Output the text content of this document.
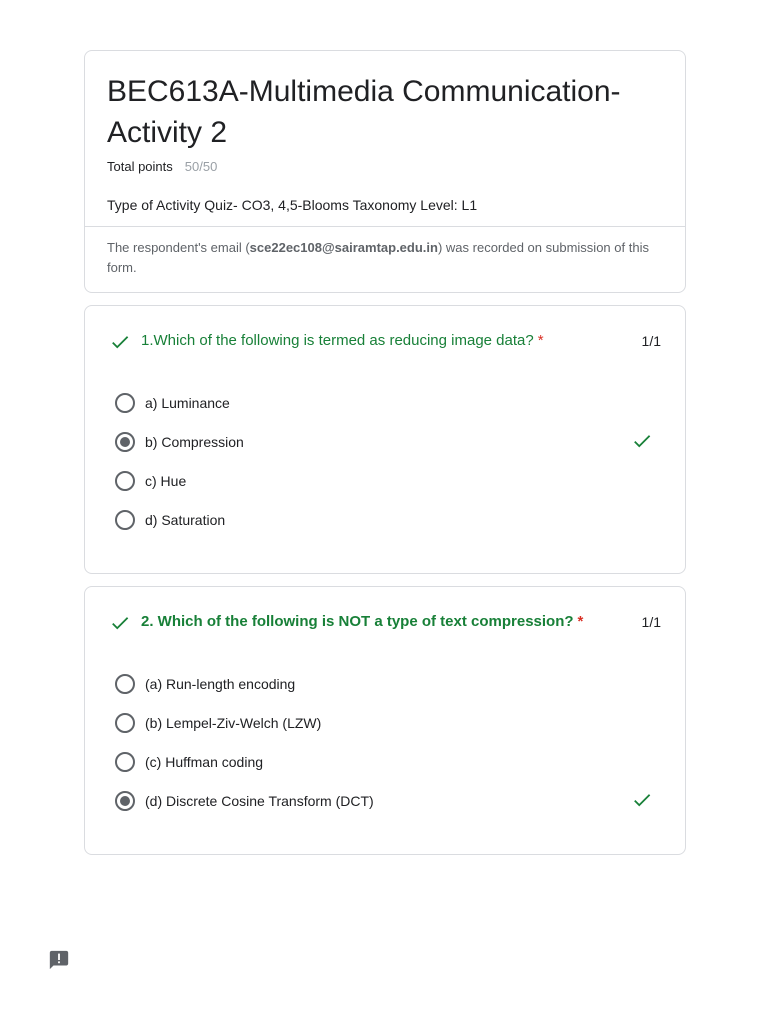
BEC613A-Multimedia Communication-Activity 2
Total points 50/50
Type of Activity Quiz- CO3, 4,5-Blooms Taxonomy Level: L1
The respondent's email (sce22ec108@sairamtap.edu.in) was recorded on submission of this form.
1.Which of the following is termed as reducing image data? *	1/1
a) Luminance
b) Compression
c) Hue
d) Saturation
2. Which of the following is NOT a type of text compression? *	1/1
(a) Run-length encoding
(b) Lempel-Ziv-Welch (LZW)
(c) Huffman coding
(d) Discrete Cosine Transform (DCT)
